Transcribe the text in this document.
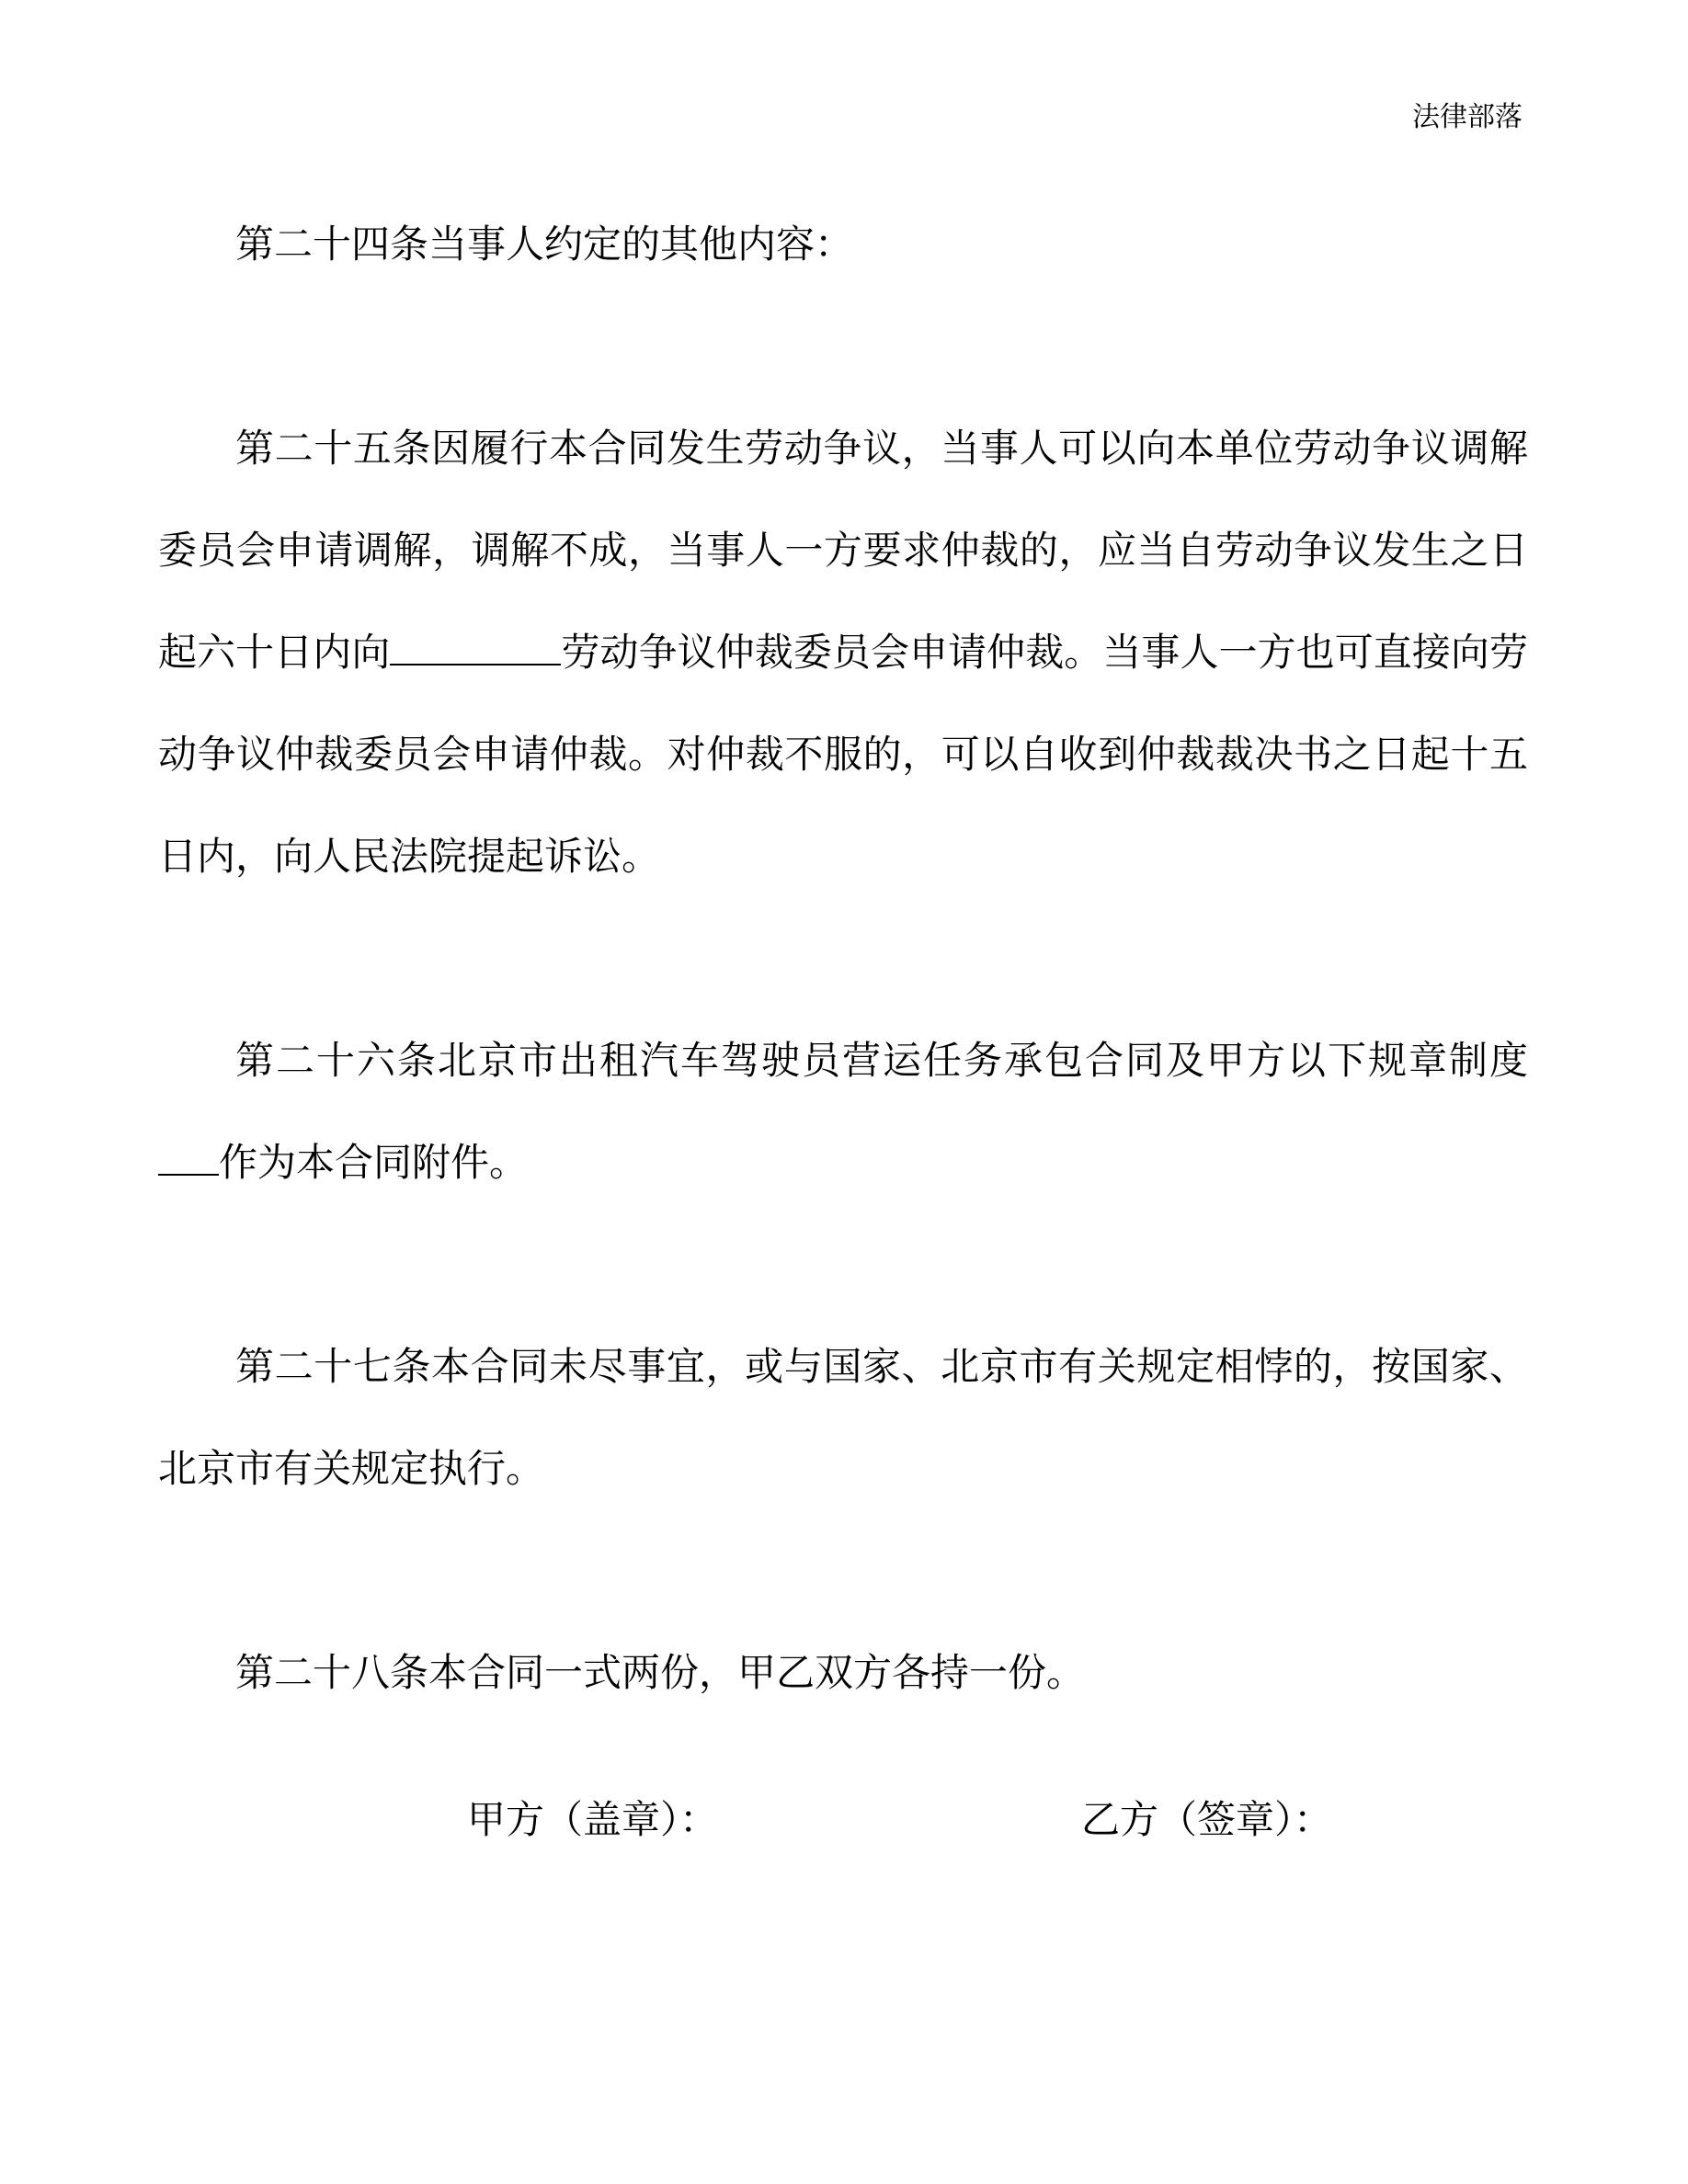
法律部落

第二十四条当事人约定的其他内容：

第二十五条因履行本合同发生劳动争议，当事人可以向本单位劳动争议调解委员会申请调解，调解不成，当事人一方要求仲裁的，应当自劳动争议发生之日起六十日内向	劳动争议仲裁委员会申请仲裁。当事人一方也可直接向劳动争议仲裁委员会申请仲裁。对仲裁不服的，可以自收到仲裁裁决书之日起十五日内，向人民法院提起诉讼。

第二十六条北京市出租汽车驾驶员营运任务承包合同及甲方以下规章制度作为本合同附件。

第二十七条本合同未尽事宜，或与国家、北京市有关规定相悖的，按国家、北京市有关规定执行。

第二十八条本合同一式两份，甲乙双方各持一份。

甲方（盖章）：	乙方（签章）：
